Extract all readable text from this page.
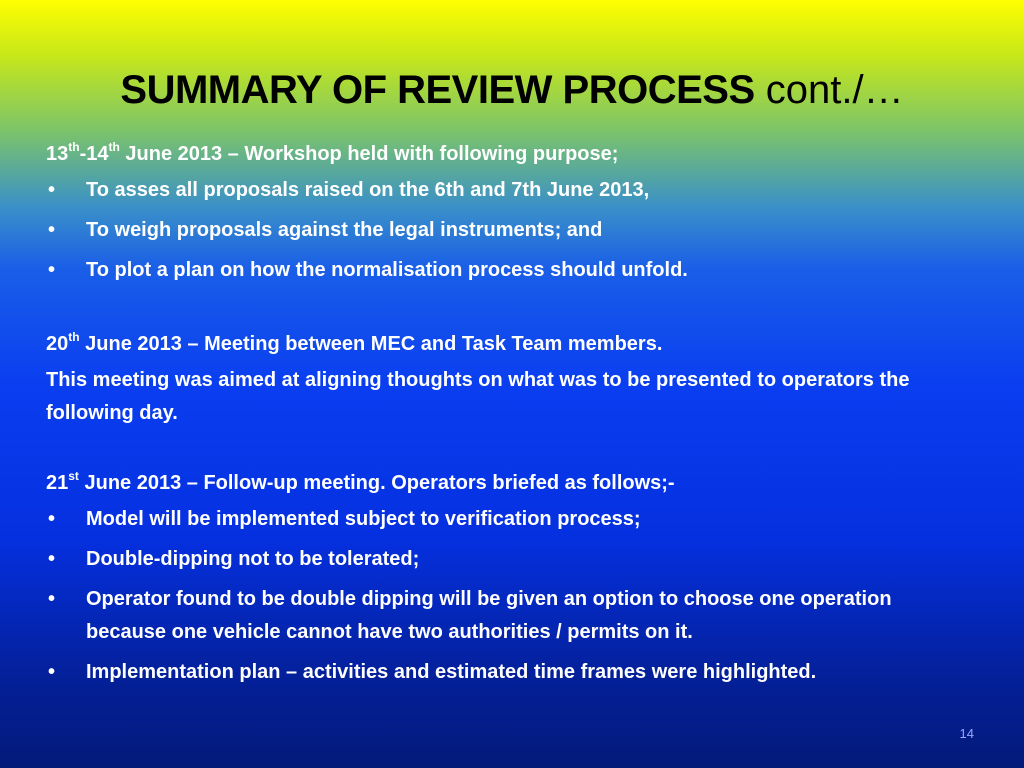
SUMMARY OF REVIEW PROCESS cont./…

13th-14th June 2013 – Workshop held with following purpose;

• To asses all proposals raised on the 6th and 7th June 2013,
• To weigh proposals against the legal instruments; and
• To plot a plan on how the normalisation process should unfold.

20th June 2013 – Meeting between MEC and Task Team members.

This meeting was aimed at aligning thoughts on what was to be presented to operators the following day.

21st June 2013 – Follow-up meeting. Operators briefed as follows;-

• Model will be implemented subject to verification process;
• Double-dipping not to be tolerated;
• Operator found to be double dipping will be given an option to choose one operation because one vehicle cannot have two authorities / permits on it.
• Implementation plan – activities and estimated time frames were highlighted.
14
